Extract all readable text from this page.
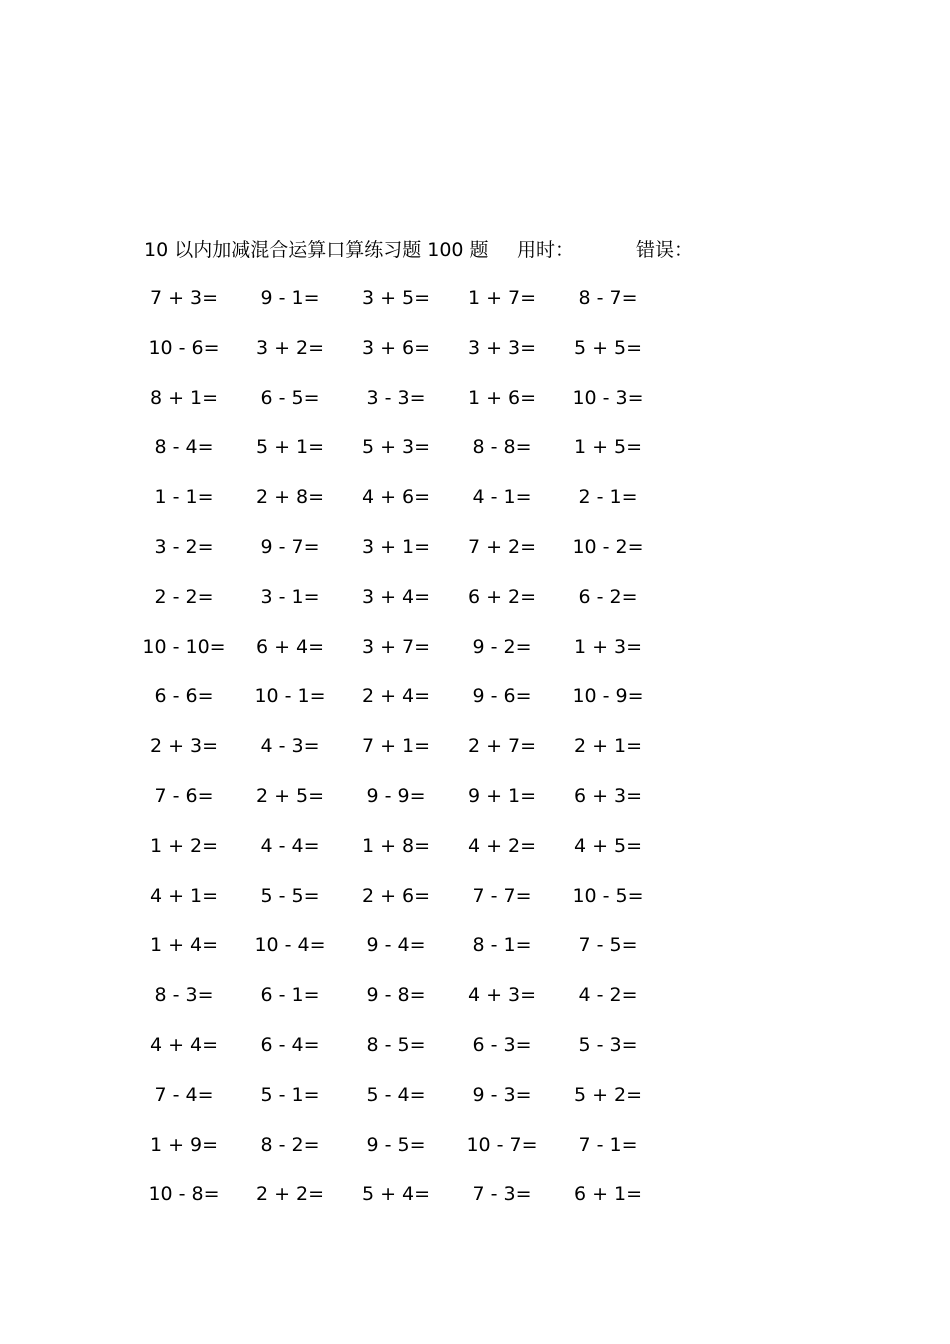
10 以内加减混合运算口算练习题 100 题 用时：	错误：
7 + 3=	9 - 1=	3 + 5=	1 + 7=	8 - 7=
10 - 6=	3 + 2=	3 + 6=	3 + 3=	5 + 5=
8 + 1=	6 - 5=	3 - 3=	1 + 6=	10 - 3=
8 - 4=	5 + 1=	5 + 3=	8 - 8=	1 + 5=
1 - 1=	2 + 8=	4 + 6=	4 - 1=	2 - 1=
3 - 2=	9 - 7=	3 + 1=	7 + 2=	10 - 2=
2 - 2=	3 - 1=	3 + 4=	6 + 2=	6 - 2=
10 - 10=	6 + 4=	3 + 7=	9 - 2=	1 + 3=
6 - 6=	10 - 1=	2 + 4=	9 - 6=	10 - 9=
2 + 3=	4 - 3=	7 + 1=	2 + 7=	2 + 1=
7 - 6=	2 + 5=	9 - 9=	9 + 1=	6 + 3=
1 + 2=	4 - 4=	1 + 8=	4 + 2=	4 + 5=
4 + 1=	5 - 5=	2 + 6=	7 - 7=	10 - 5=
1 + 4=	10 - 4=	9 - 4=	8 - 1=	7 - 5=
8 - 3=	6 - 1=	9 - 8=	4 + 3=	4 - 2=
4 + 4=	6 - 4=	8 - 5=	6 - 3=	5 - 3=
7 - 4=	5 - 1=	5 - 4=	9 - 3=	5 + 2=
1 + 9=	8 - 2=	9 - 5=	10 - 7=	7 - 1=
10 - 8=	2 + 2=	5 + 4=	7 - 3=	6 + 1=
